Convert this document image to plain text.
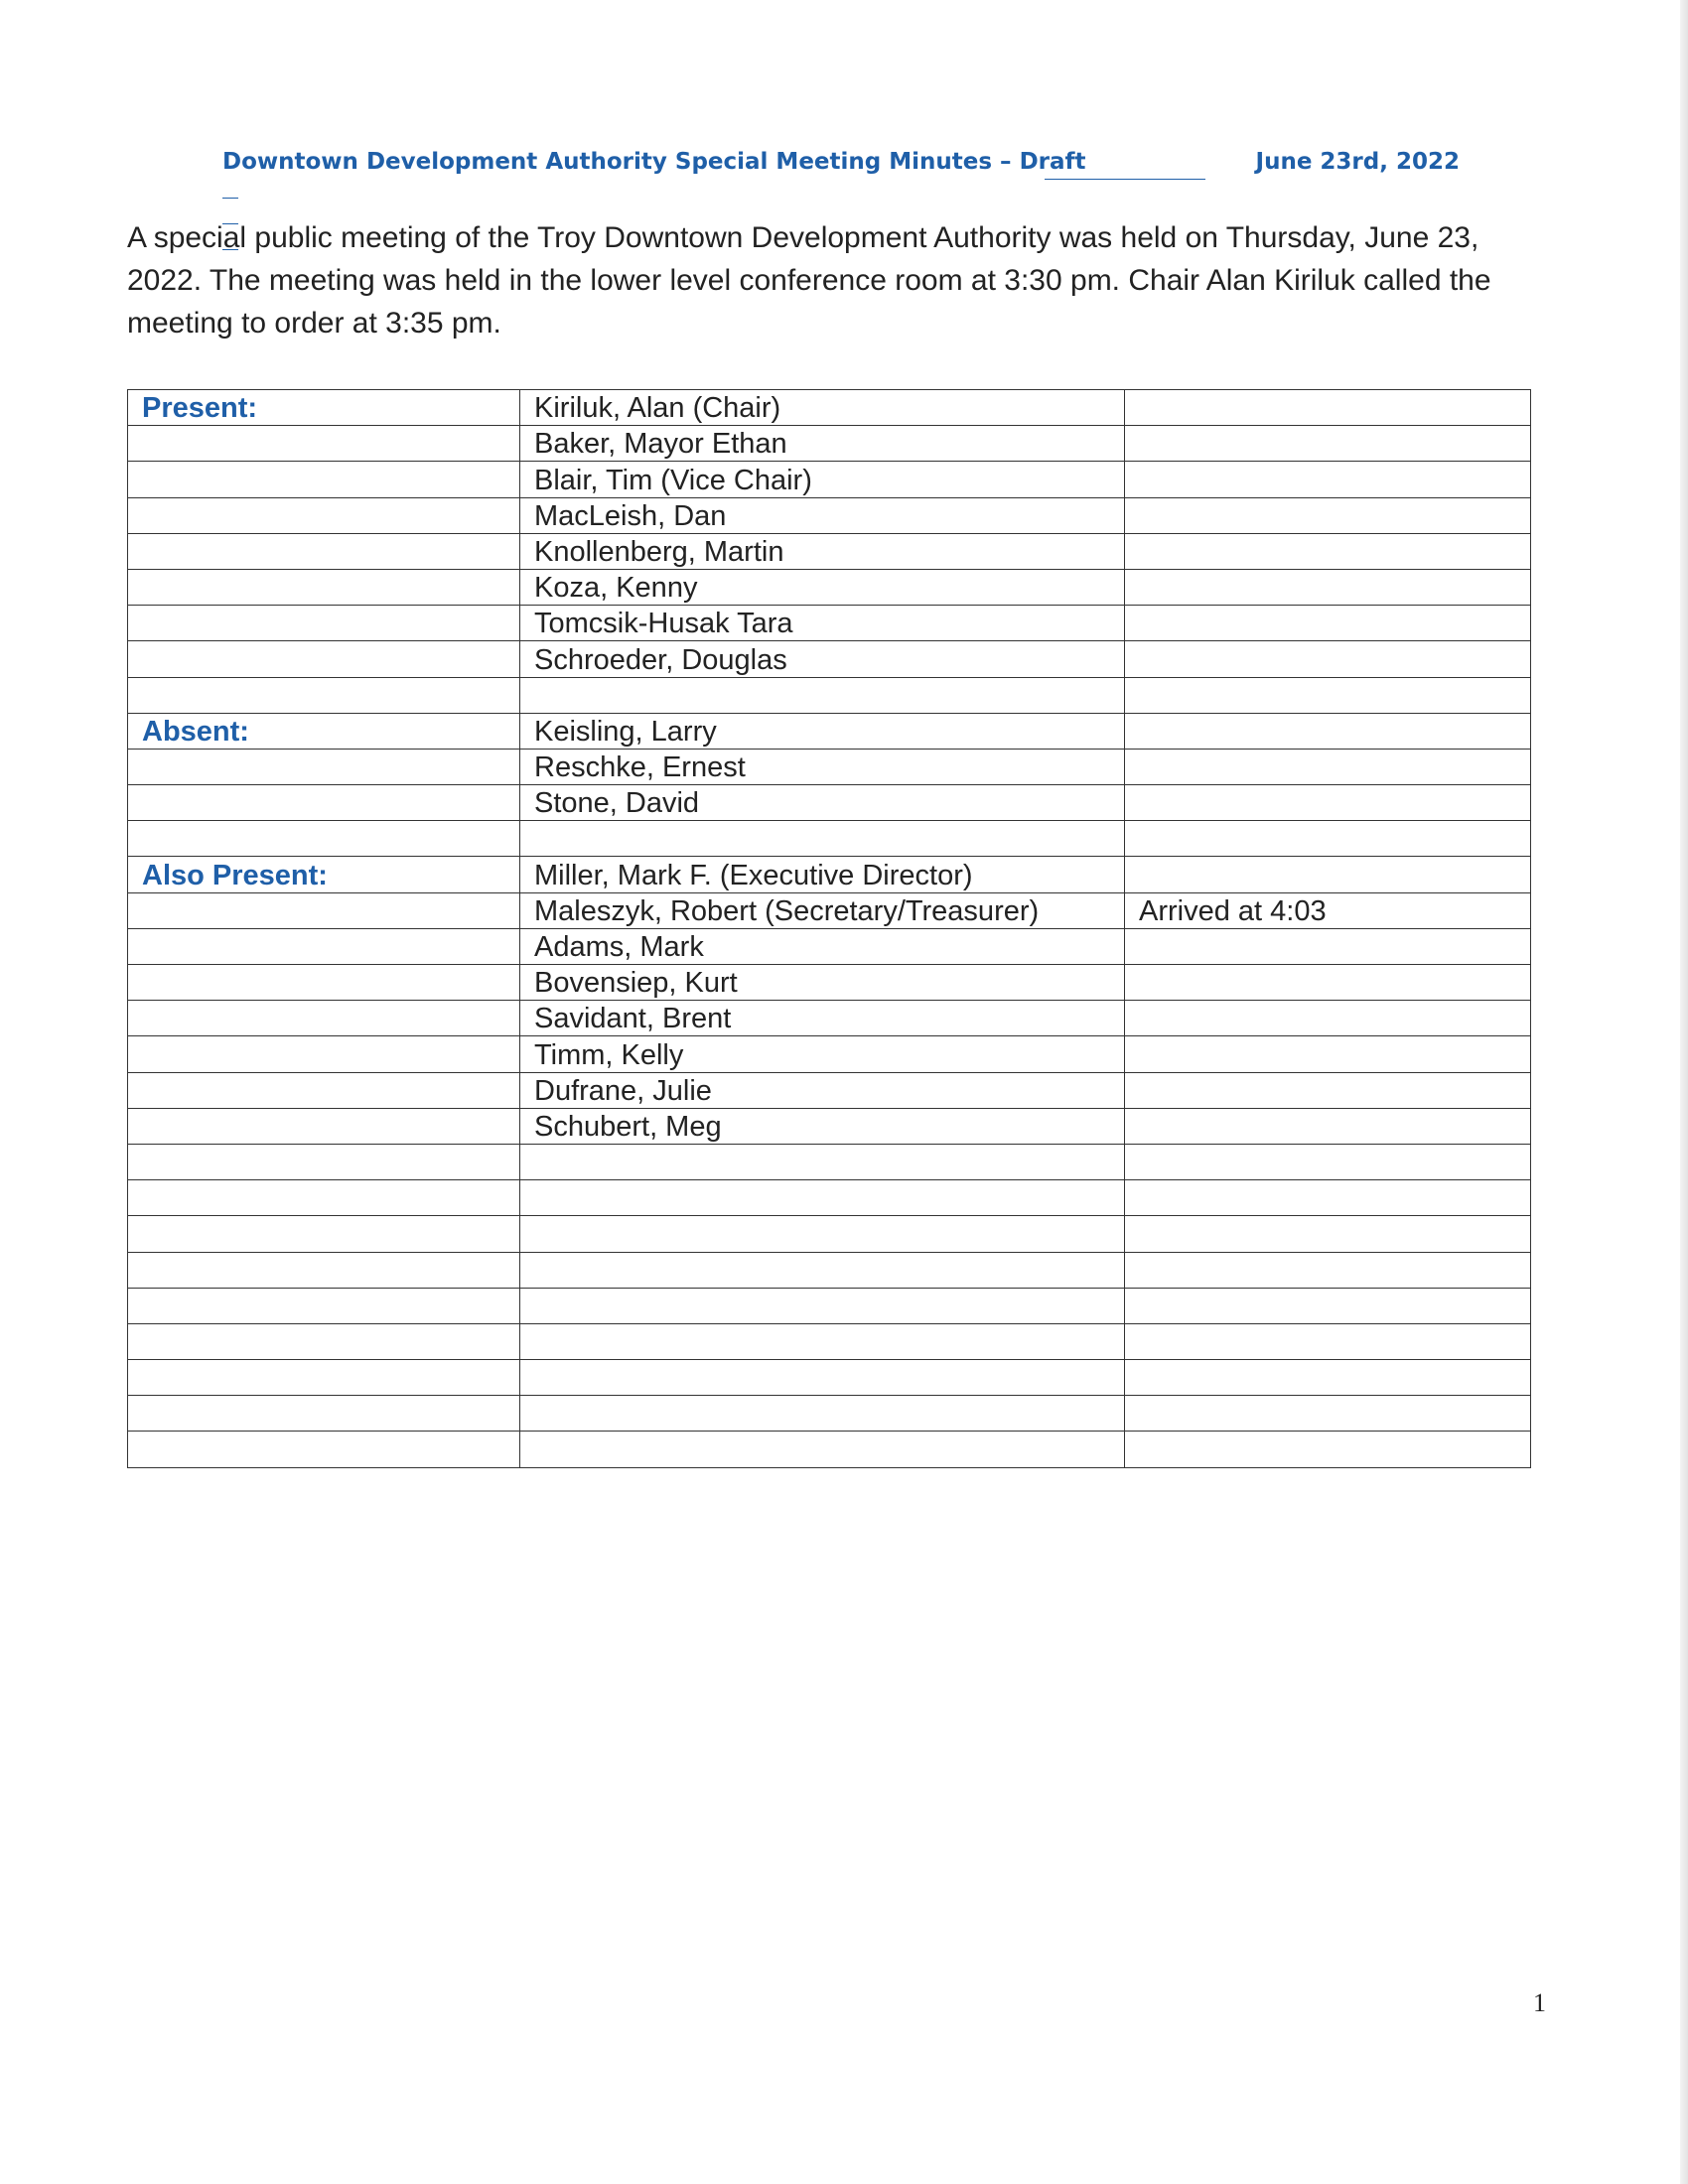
Downtown Development Authority Special Meeting Minutes – Draft

	June 23rd, 2022

A special public meeting of the Troy Downtown Development Authority was held on Thursday, June 23, 2022. The meeting was held in the lower level conference room at 3:30 pm. Chair Alan Kiriluk called the meeting to order at 3:35 pm.
Present:	Kiriluk, Alan (Chair)	
	Baker, Mayor Ethan	
	Blair, Tim (Vice Chair)	
	MacLeish, Dan	
	Knollenberg, Martin	
	Koza, Kenny	
	Tomcsik-Husak Tara	
	Schroeder, Douglas	

Absent:	Keisling, Larry	
	Reschke, Ernest	
	Stone, David	

Also Present:	Miller, Mark F. (Executive Director)	
	Maleszyk, Robert (Secretary/Treasurer)	Arrived at 4:03
	Adams, Mark	
	Bovensiep, Kurt	
	Savidant, Brent	
	Timm, Kelly	
	Dufrane, Julie	
	Schubert, Meg	

1
